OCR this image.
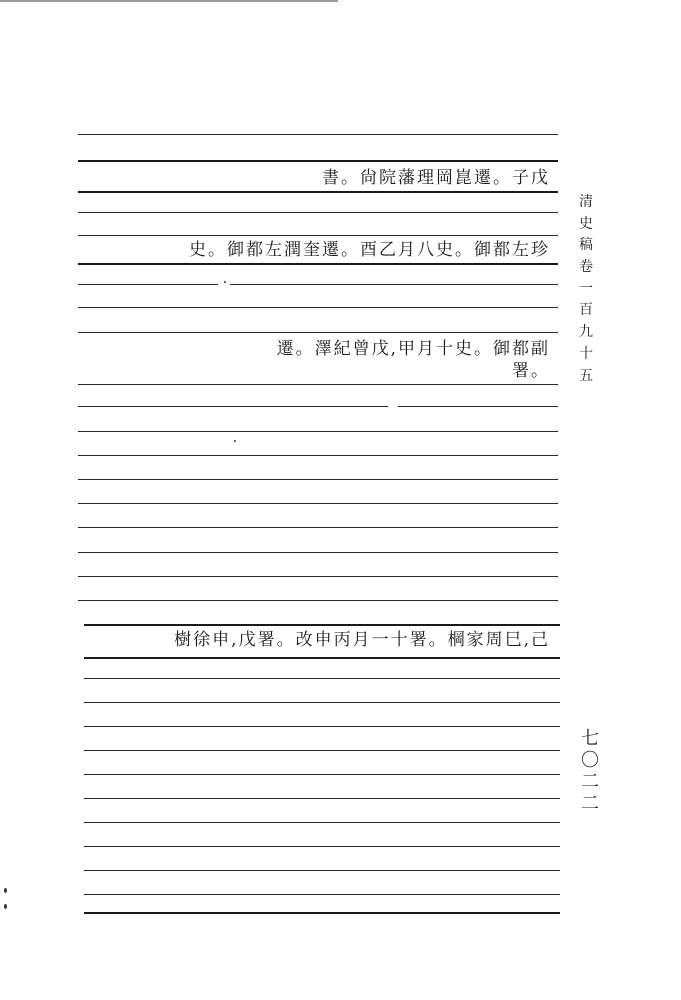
書。尙院藩理岡崑遷。子戊
史。御都左潤奎遷。酉乙月八史。御都左珍
遷。澤紀曾戊,甲月十史。御都副
署。
樹徐申,戊署。改申丙月一十署。棡家周巳,己
清
史
稿
卷
一
百
九
十
五
七
〇
二
二
